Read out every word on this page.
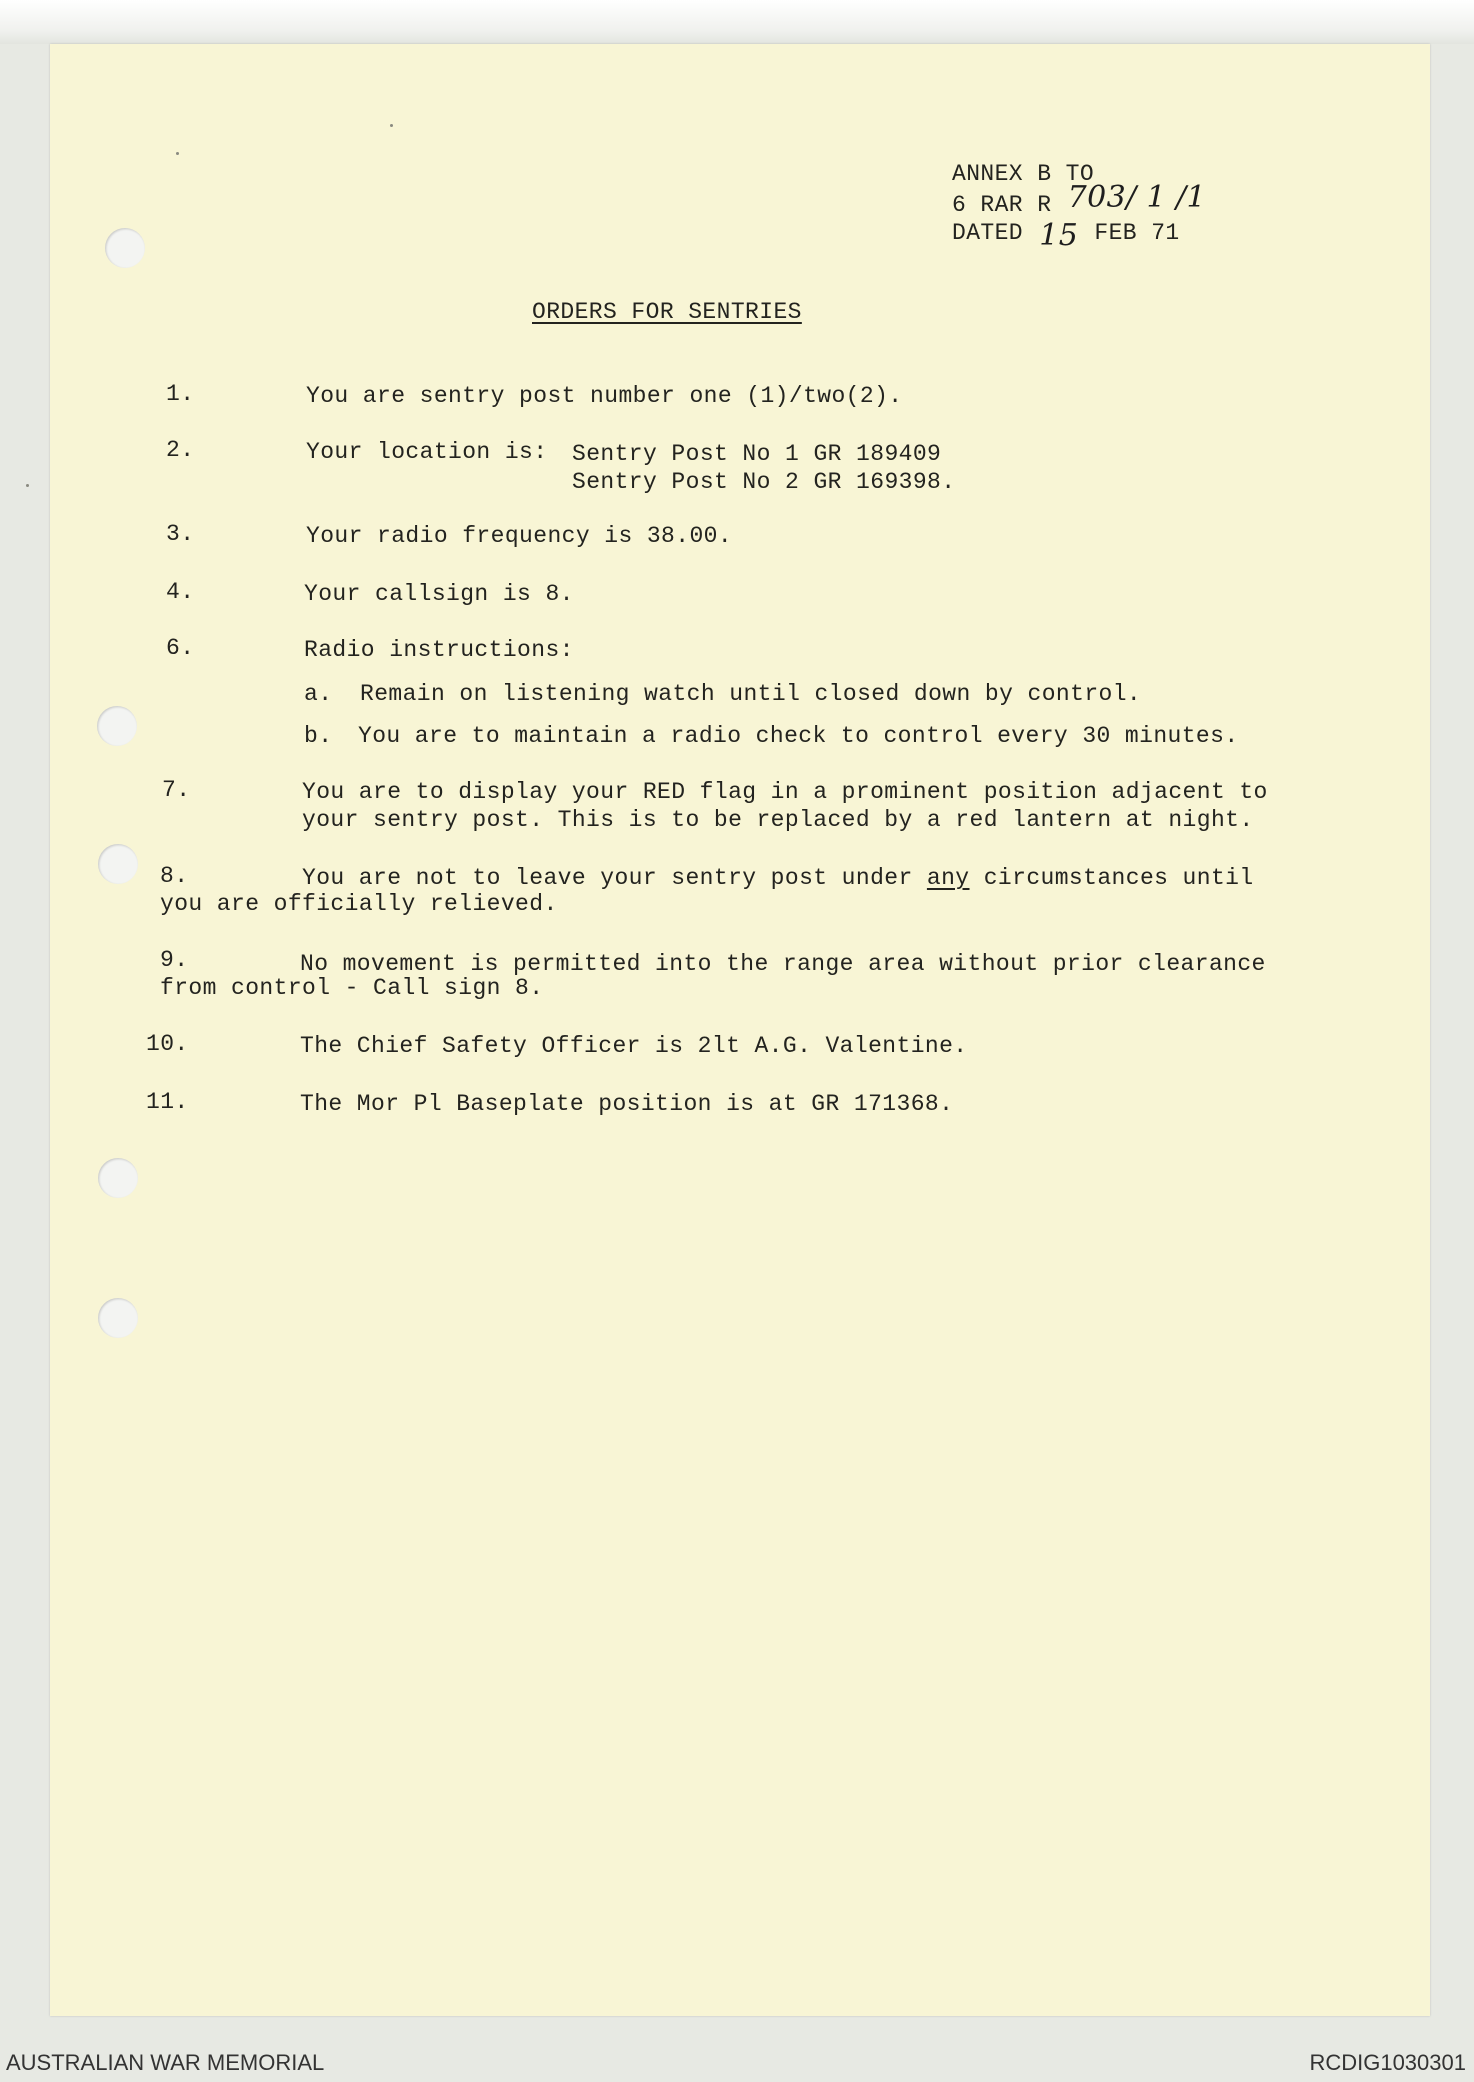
ANNEX B TO
6 RAR R 703/ 1 /1
DATED 15 FEB 71
ORDERS FOR SENTRIES
1.	You are sentry post number one (1)/two(2).
2.	Your location is: Sentry Post No 1 GR 189409
Sentry Post No 2 GR 169398.
3.	Your radio frequency is 38.00.
4.	Your callsign is 8.
6.	Radio instructions:
a. Remain on listening watch until closed down by control.
b. You are to maintain a radio check to control every 30 minutes.
7.	You are to display your RED flag in a prominent position adjacent to
your sentry post. This is to be replaced by a red lantern at night.
8.	You are not to leave your sentry post under any circumstances until
you are officially relieved.
9.	No movement is permitted into the range area without prior clearance
from control - Call sign 8.
10.	The Chief Safety Officer is 2lt A.G. Valentine.
11.	The Mor Pl Baseplate position is at GR 171368.
AUSTRALIAN WAR MEMORIAL	RCDIG1030301
